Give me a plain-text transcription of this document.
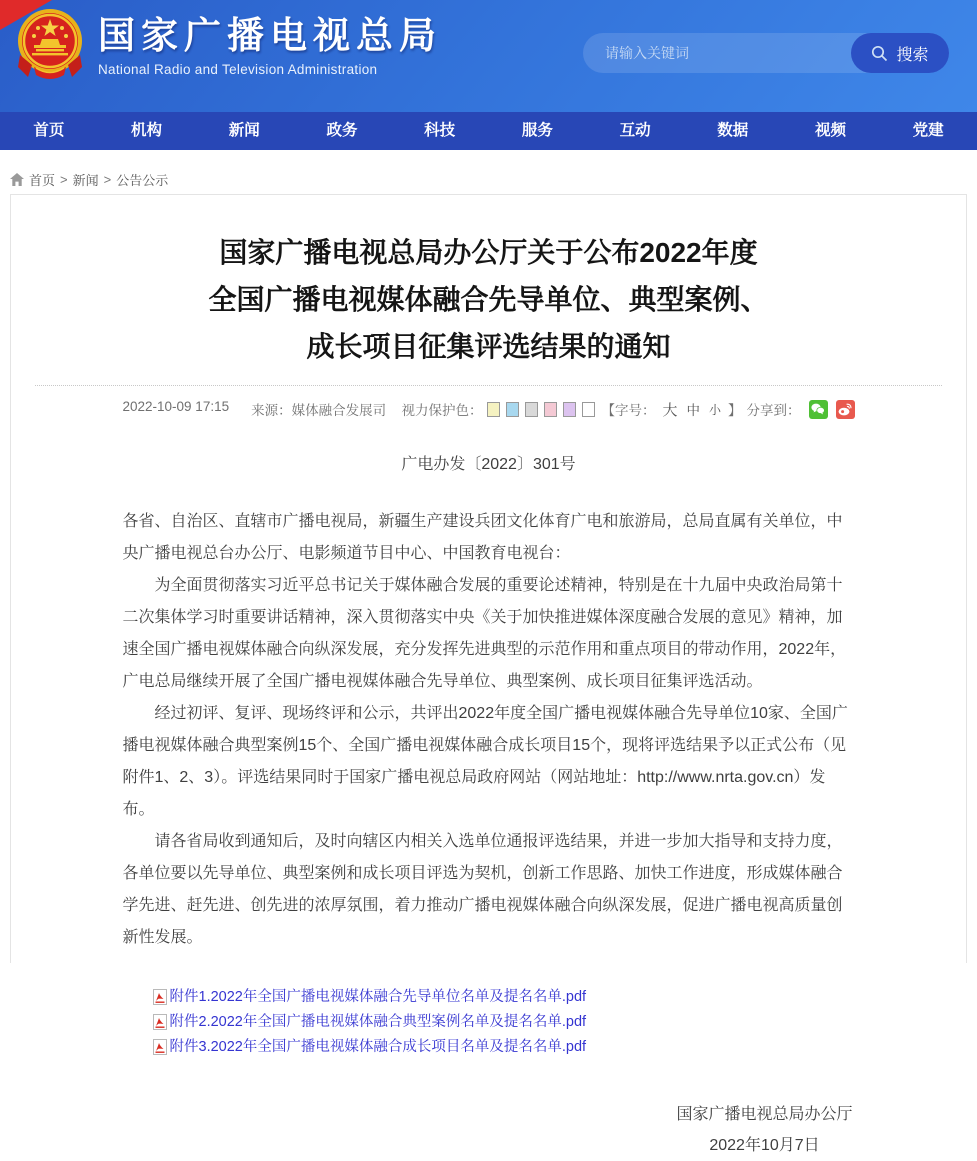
国家广播电视总局
National Radio and Television Administration
请输入关键词
搜索
首页	机构	新闻	政务	科技	服务	互动	数据	视频	党建
首页 > 新闻 > 公告公示
国家广播电视总局办公厅关于公布2022年度
全国广播电视媒体融合先导单位、典型案例、
成长项目征集评选结果的通知
2022-10-09 17:15 来源：媒体融合发展司 视力保护色：	【字号： 大 中 小 】 分享到：
广电办发〔2022〕301号

各省、自治区、直辖市广播电视局，新疆生产建设兵团文化体育广电和旅游局，总局直属有关单位，中央广播电视总台办公厅、电影频道节目中心、中国教育电视台：

为全面贯彻落实习近平总书记关于媒体融合发展的重要论述精神，特别是在十九届中央政治局第十二次集体学习时重要讲话精神，深入贯彻落实中央《关于加快推进媒体深度融合发展的意见》精神，加速全国广播电视媒体融合向纵深发展，充分发挥先进典型的示范作用和重点项目的带动作用，2022年，广电总局继续开展了全国广播电视媒体融合先导单位、典型案例、成长项目征集评选活动。

经过初评、复评、现场终评和公示，共评出2022年度全国广播电视媒体融合先导单位10家、全国广播电视媒体融合典型案例15个、全国广播电视媒体融合成长项目15个，现将评选结果予以正式公布（见附件1、2、3）。评选结果同时于国家广播电视总局政府网站（网站地址：http://www.nrta.gov.cn）发布。

请各省局收到通知后，及时向辖区内相关入选单位通报评选结果，并进一步加大指导和支持力度，各单位要以先导单位、典型案例和成长项目评选为契机，创新工作思路、加快工作进度，形成媒体融合学先进、赶先进、创先进的浓厚氛围，着力推动广播电视媒体融合向纵深发展，促进广播电视高质量创新性发展。

附件1.2022年全国广播电视媒体融合先导单位名单及提名名单.pdf
附件2.2022年全国广播电视媒体融合典型案例名单及提名名单.pdf
附件3.2022年全国广播电视媒体融合成长项目名单及提名名单.pdf
国家广播电视总局办公厅
2022年10月7日
